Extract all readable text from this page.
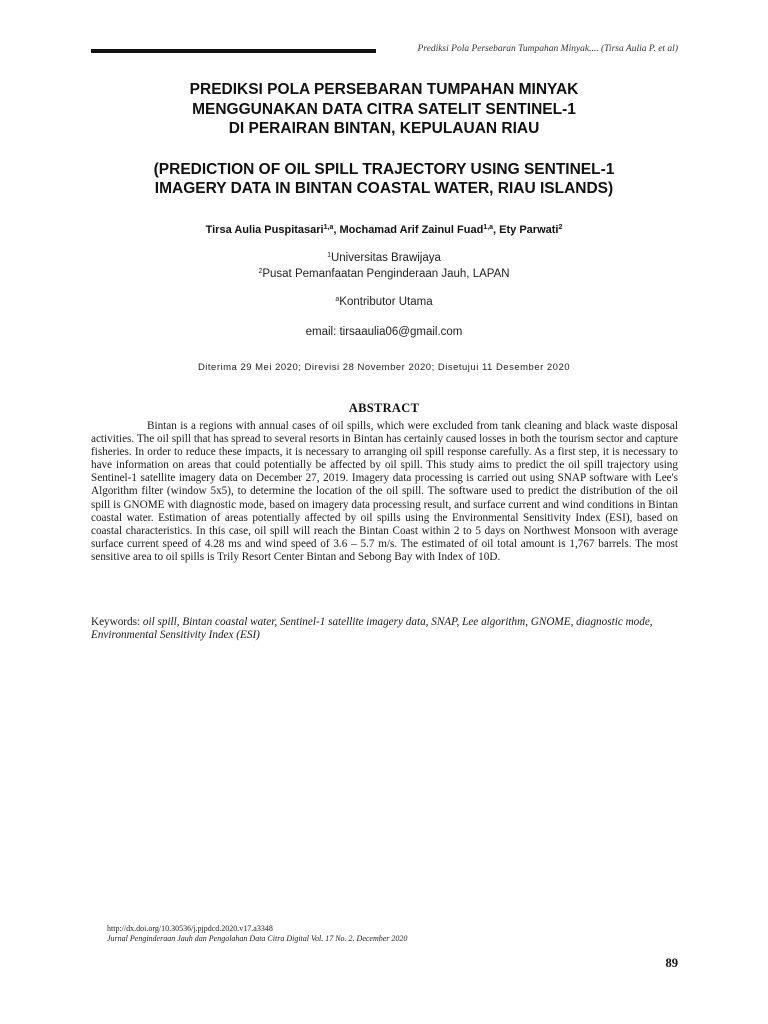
Prediksi Pola Persebaran Tumpahan Minyak.... (Tirsa Aulia P. et al)
PREDIKSI POLA PERSEBARAN TUMPAHAN MINYAK
MENGGUNAKAN DATA CITRA SATELIT SENTINEL-1
DI PERAIRAN BINTAN, KEPULAUAN RIAU
(PREDICTION OF OIL SPILL TRAJECTORY USING SENTINEL-1
IMAGERY DATA IN BINTAN COASTAL WATER, RIAU ISLANDS)
Tirsa Aulia Puspitasari$^{1,a}$, Mochamad Arif Zainul Fuad$^{1,a}$, Ety Parwati$^2$
$^1$Universitas Brawijaya
$^2$Pusat Pemanfaatan Penginderaan Jauh, LAPAN
$^a$Kontributor Utama
email: tirsaaulia06@gmail.com
Diterima 29 Mei 2020; Direvisi 28 November 2020; Disetujui 11 Desember 2020
ABSTRACT

Bintan is a regions with annual cases of oil spills, which were excluded from tank cleaning and black waste disposal activities. The oil spill that has spread to several resorts in Bintan has certainly caused losses in both the tourism sector and capture fisheries. In order to reduce these impacts, it is necessary to arranging oil spill response carefully. As a first step, it is necessary to have information on areas that could potentially be affected by oil spill. This study aims to predict the oil spill trajectory using Sentinel-1 satellite imagery data on December 27, 2019. Imagery data processing is carried out using SNAP software with Lee's Algorithm filter (window 5x5), to determine the location of the oil spill. The software used to predict the distribution of the oil spill is GNOME with diagnostic mode, based on imagery data processing result, and surface current and wind conditions in Bintan coastal water. Estimation of areas potentially affected by oil spills using the Environmental Sensitivity Index (ESI), based on coastal characteristics. In this case, oil spill will reach the Bintan Coast within 2 to 5 days on Northwest Monsoon with average surface current speed of 4.28 ms and wind speed of 3.6 – 5.7 m/s. The estimated of oil total amount is 1,767 barrels. The most sensitive area to oil spills is Trily Resort Center Bintan and Sebong Bay with Index of 10D.

Keywords: oil spill, Bintan coastal water, Sentinel-1 satellite imagery data, SNAP, Lee algorithm, GNOME, diagnostic mode, Environmental Sensitivity Index (ESI)
http://dx.doi.org/10.30536/j.pjpdcd.2020.v17.a3348
Jurnal Penginderaan Jauh dan Pengolahan Data Citra Digital Vol. 17 No. 2. December 2020
89
